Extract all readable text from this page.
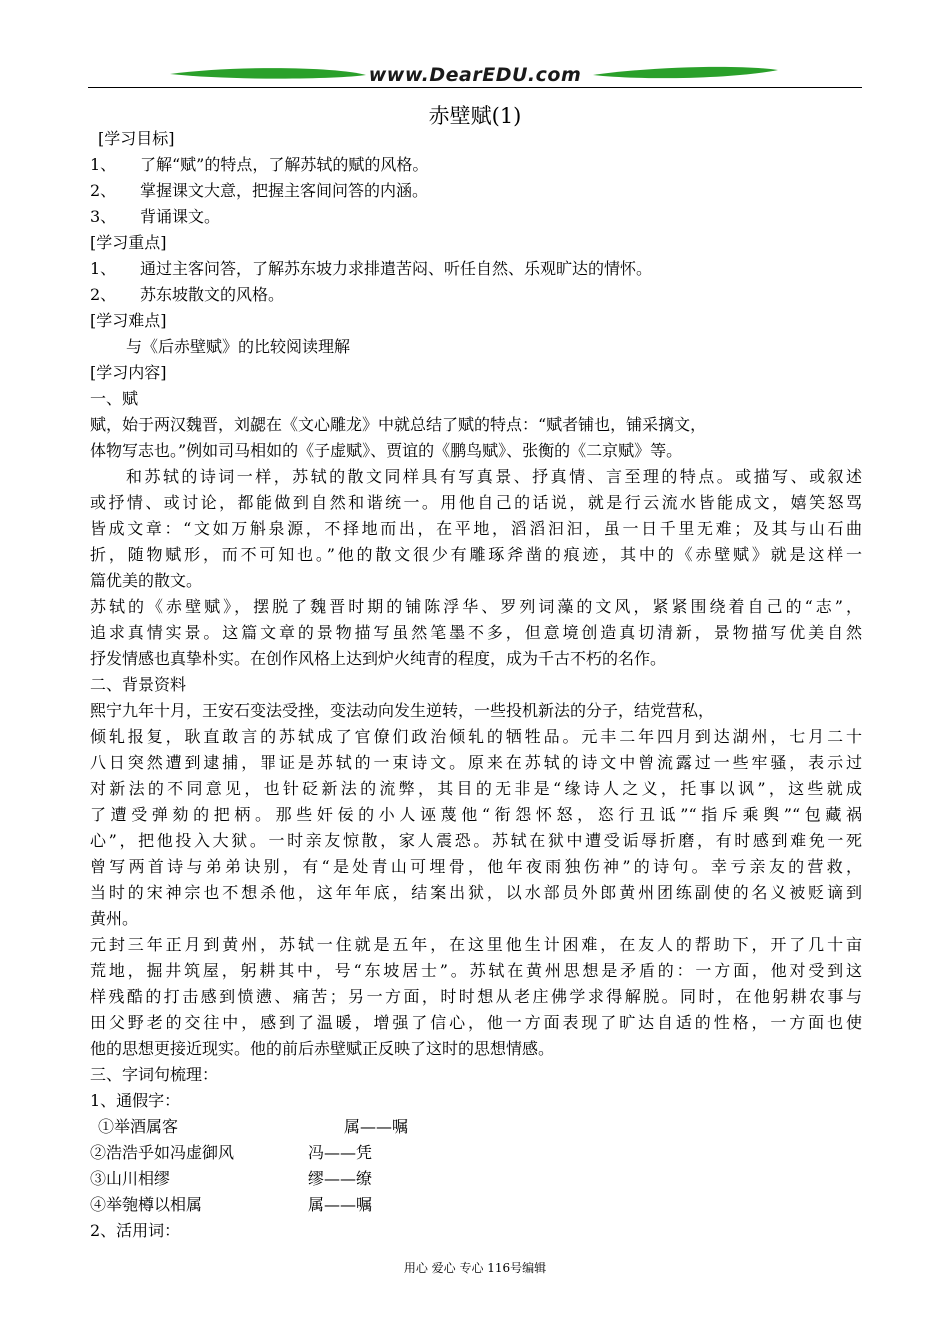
www.DearEDU.com
赤壁赋(1)
[学习目标]
1、 了解“赋”的特点，了解苏轼的赋的风格。
2、 掌握课文大意，把握主客间问答的内涵。
3、 背诵课文。
[学习重点]
1、 通过主客问答，了解苏东坡力求排遣苦闷、听任自然、乐观旷达的情怀。
2、 苏东坡散文的风格。
[学习难点]
与《后赤壁赋》的比较阅读理解
[学习内容]
一、赋
赋，始于两汉魏晋，刘勰在《文心雕龙》中就总结了赋的特点：“赋者铺也，铺采摛文，
体物写志也。”例如司马相如的《子虚赋》、贾谊的《鹏鸟赋》、张衡的《二京赋》等。
和苏轼的诗词一样，苏轼的散文同样具有写真景、抒真情、言至理的特点。或描写、或叙述
或抒情、或讨论，都能做到自然和谐统一。用他自己的话说，就是行云流水皆能成文，嬉笑怒骂
皆成文章：“文如万斛泉源，不择地而出，在平地，滔滔汩汩，虽一日千里无难；及其与山石曲
折，随物赋形，而不可知也。”他的散文很少有雕琢斧凿的痕迹，其中的《赤壁赋》就是这样一
篇优美的散文。
苏轼的《赤壁赋》，摆脱了魏晋时期的铺陈浮华、罗列词藻的文风，紧紧围绕着自己的“志”，
追求真情实景。这篇文章的景物描写虽然笔墨不多，但意境创造真切清新，景物描写优美自然
抒发情感也真挚朴实。在创作风格上达到炉火纯青的程度，成为千古不朽的名作。
二、背景资料
熙宁九年十月，王安石变法受挫，变法动向发生逆转，一些投机新法的分子，结党营私，
倾轧报复，耿直敢言的苏轼成了官僚们政治倾轧的牺牲品。元丰二年四月到达湖州，七月二十
八日突然遭到逮捕，罪证是苏轼的一束诗文。原来在苏轼的诗文中曾流露过一些牢骚，表示过
对新法的不同意见，也针砭新法的流弊，其目的无非是“缘诗人之义，托事以讽”，这些就成
了遭受弹劾的把柄。那些奸佞的小人诬蔑他“衔怨怀怒，恣行丑诋”“指斥乘舆”“包藏祸
心”，把他投入大狱。一时亲友惊散，家人震恐。苏轼在狱中遭受诟辱折磨，有时感到难免一死
曾写两首诗与弟弟诀别，有“是处青山可埋骨，他年夜雨独伤神”的诗句。幸亏亲友的营救，
当时的宋神宗也不想杀他，这年年底，结案出狱，以水部员外郎黄州团练副使的名义被贬谪到
黄州。
元封三年正月到黄州，苏轼一住就是五年，在这里他生计困难，在友人的帮助下，开了几十亩
荒地，掘井筑屋，躬耕其中，号“东坡居士”。苏轼在黄州思想是矛盾的：一方面，他对受到这
样残酷的打击感到愤懑、痛苦；另一方面，时时想从老庄佛学求得解脱。同时，在他躬耕农事与
田父野老的交往中，感到了温暖，增强了信心，他一方面表现了旷达自适的性格，一方面也使
他的思想更接近现实。他的前后赤壁赋正反映了这时的思想情感。
三、字词句梳理：
1、通假字：
①举酒属客	属——嘱
②浩浩乎如冯虚御风	冯——凭
③山川相缪	缪——缭
④举匏樽以相属	属——嘱
2、活用词：
用心 爱心 专心 116号编辑
